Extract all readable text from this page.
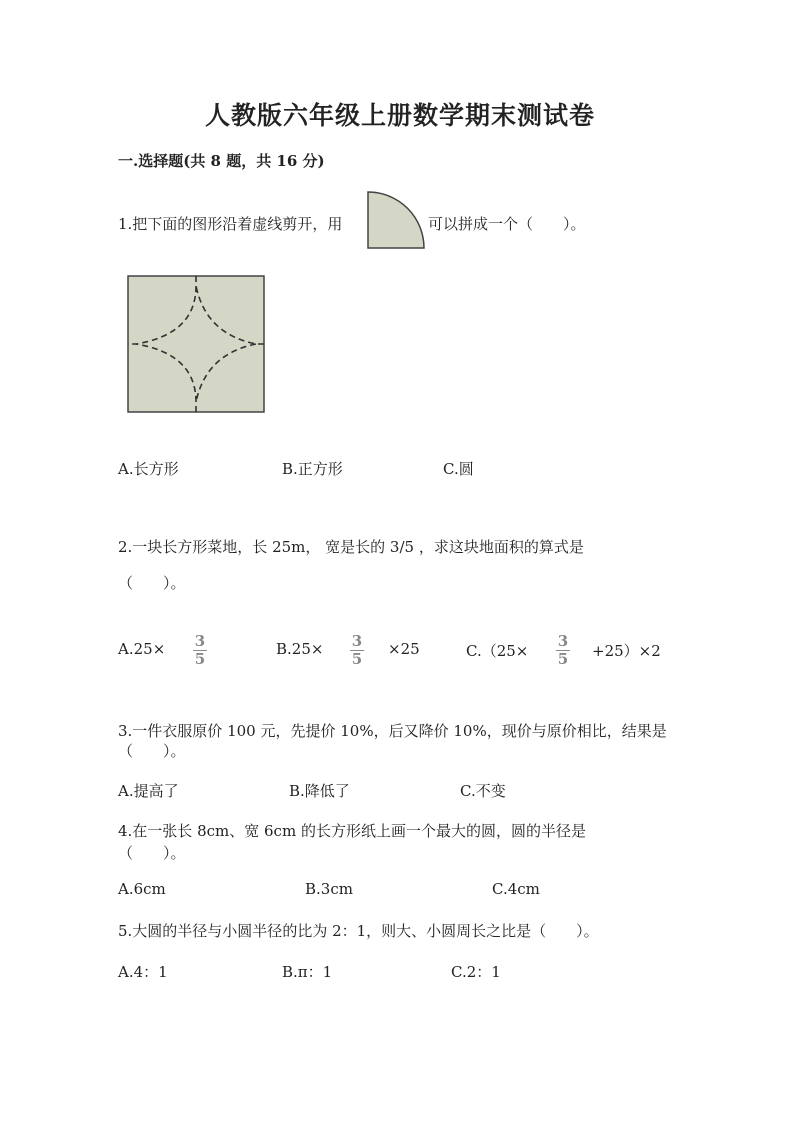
人教版六年级上册数学期末测试卷
一.选择题(共 8 题，共 16 分)
1.把下面的图形沿着虚线剪开，用	可以拼成一个（　　）。
A.长方形	B.正方形	C.圆
2.一块长方形菜地，长 25m， 宽是长的 3/5 ，求这块地面积的算式是
（　　）。
A.25×	3
5
B.25×	3
5
×25	C.（25×
3
5	+25）×2
3.一件衣服原价 100 元，先提价 10%，后又降价 10%，现价与原价相比，结果是
（　　）。
A.提高了	B.降低了	C.不变
4.在一张长 8cm、宽 6cm 的长方形纸上画一个最大的圆，圆的半径是
（　　）。
A.6cm	B.3cm	C.4cm
5.大圆的半径与小圆半径的比为 2：1，则大、小圆周长之比是（　　）。
A.4：1	B.π：1	C.2：1
